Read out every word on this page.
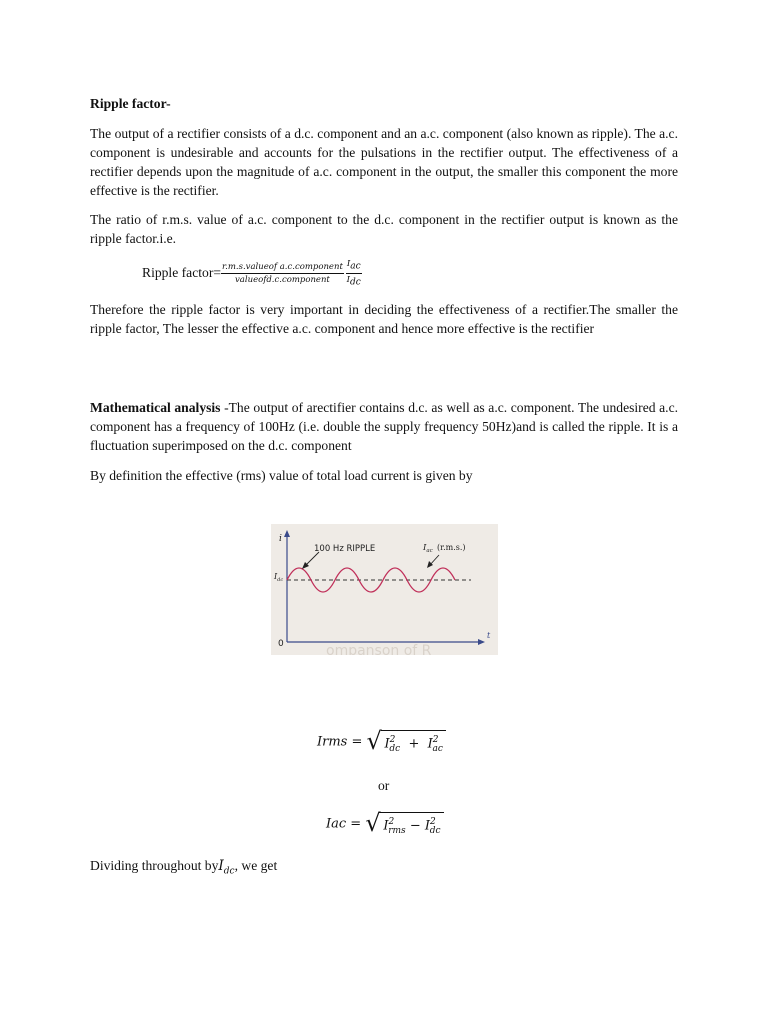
Ripple factor-
The output of a rectifier consists of a d.c. component and an a.c. component (also known as ripple). The a.c. component is undesirable and accounts for the pulsations in the rectifier output. The effectiveness of a rectifier depends upon the magnitude of a.c. component in the output, the smaller this component the more effective is the rectifier.
The ratio of r.m.s. value of a.c. component to the d.c. component in the rectifier output is known as the ripple factor.i.e.
Ripple factor= $\frac{\text{r.m.s.valueof a.c.component}}{\text{valueofd.c.component}} \frac{I_{ac}}{I_{dc}}$
Therefore the ripple factor is very important in deciding the effectiveness of a rectifier.The smaller the ripple factor, The lesser the effective a.c. component and hence more effective is the rectifier
Mathematical analysis -The output of arectifier contains d.c. as well as a.c. component. The undesired a.c. component has a frequency of 100Hz (i.e. double the supply frequency 50Hz)and is called the ripple. It is a fluctuation superimposed on the d.c. component
By definition the effective (rms) value of total load current is given by
i
t
100 Hz RIPPLE	$I_{ac}$ (r.m.s.)
$I_{dc}$
0	ompanson of R
Irms = √ $I^2_{dc} + I^2_{ac}$
or
Iac = √ $I^2_{rms} - I^2_{dc}$
Dividing throughout byI$_{dc}$, we get
